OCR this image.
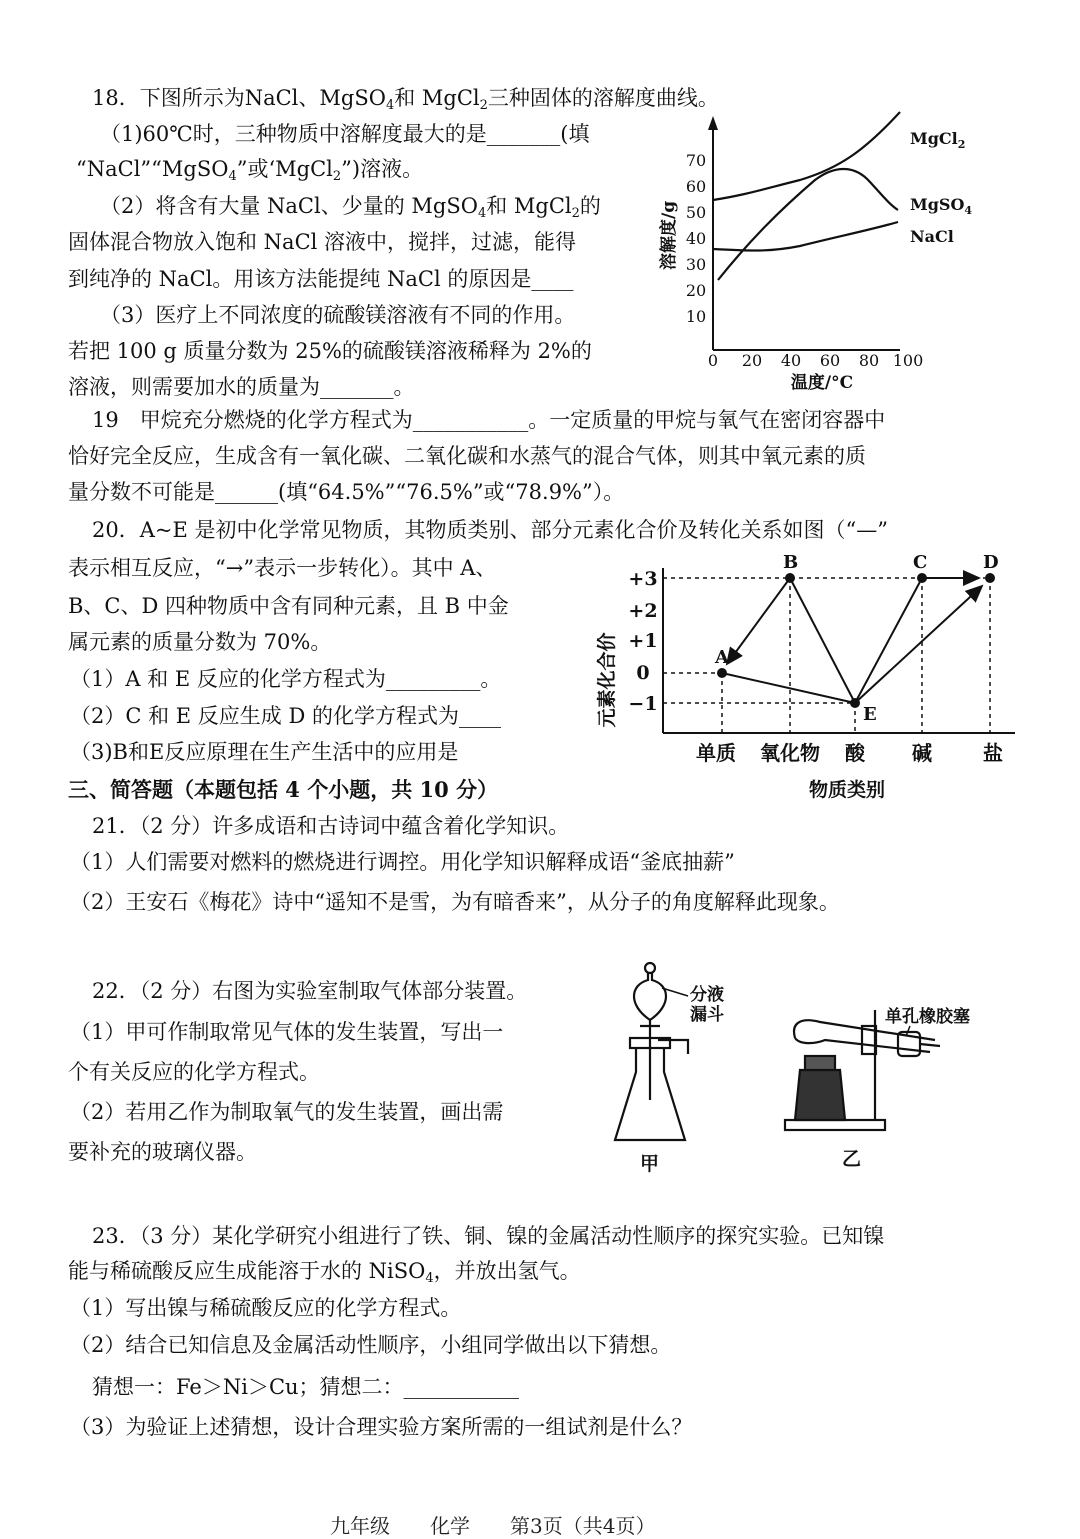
18．下图所示为NaCl、MgSO$_4$和 MgCl$_2$三种固体的溶解度曲线。
（1)60℃时，三种物质中溶解度最大的是_______(填
“NaCl”“MgSO$_4$”或‘MgCl$_2$”)溶液。
（2）将含有大量 NaCl、少量的 MgSO$_4$和 MgCl$_2$的
固体混合物放入饱和 NaCl 溶液中，搅拌，过滤，能得
到纯净的 NaCl。用该方法能提纯 NaCl 的原因是____
（3）医疗上不同浓度的硫酸镁溶液有不同的作用。
若把 100 g 质量分数为 25%的硫酸镁溶液稀释为 2%的
溶液，则需要加水的质量为_______。
70
60
50
40
30
20
10
溶解度/g
0 20 40 60 80 100
温度/°C
MgCl$_2$
MgSO$_4$
NaCl
19　甲烷充分燃烧的化学方程式为___________。一定质量的甲烷与氧气在密闭容器中
恰好完全反应，生成含有一氧化碳、二氧化碳和水蒸气的混合气体，则其中氧元素的质
量分数不可能是______(填“64.5%”“76.5%”或“78.9%”）。
20．A~E 是初中化学常见物质，其物质类别、部分元素化合价及转化关系如图（“—”
表示相互反应，“→”表示一步转化）。其中 A、
B、C、D 四种物质中含有同种元素，且 B 中金
属元素的质量分数为 70%。
（1）A 和 E 反应的化学方程式为_________。
（2）C 和 E 反应生成 D 的化学方程式为____
（3)B和E反应原理在生产生活中的应用是
元素化合价
+3
+2
+1
0
−1
A
B	C	D
E
单质 氧化物 酸 碱	盐
物质类别
三、简答题（本题包括 4 个小题，共 10 分）
21．（2 分）许多成语和古诗词中蕴含着化学知识。
（1）人们需要对燃料的燃烧进行调控。用化学知识解释成语“釜底抽薪”
（2）王安石《梅花》诗中“遥知不是雪，为有暗香来”，从分子的角度解释此现象。
22．（2 分）右图为实验室制取气体部分装置。
（1）甲可作制取常见气体的发生装置，写出一
个有关反应的化学方程式。
（2）若用乙作为制取氧气的发生装置，画出需
要补充的玻璃仪器。
分液
漏斗
甲
单孔橡胶塞
乙
23．（3 分）某化学研究小组进行了铁、铜、镍的金属活动性顺序的探究实验。已知镍
能与稀硫酸反应生成能溶于水的 NiSO$_4$，并放出氢气。
（1）写出镍与稀硫酸反应的化学方程式。
（2）结合已知信息及金属活动性顺序，小组同学做出以下猜想。
猜想一：Fe＞Ni＞Cu；猜想二：___________
（3）为验证上述猜想，设计合理实验方案所需的一组试剂是什么？
九年级　　化学　　第3页（共4页）
